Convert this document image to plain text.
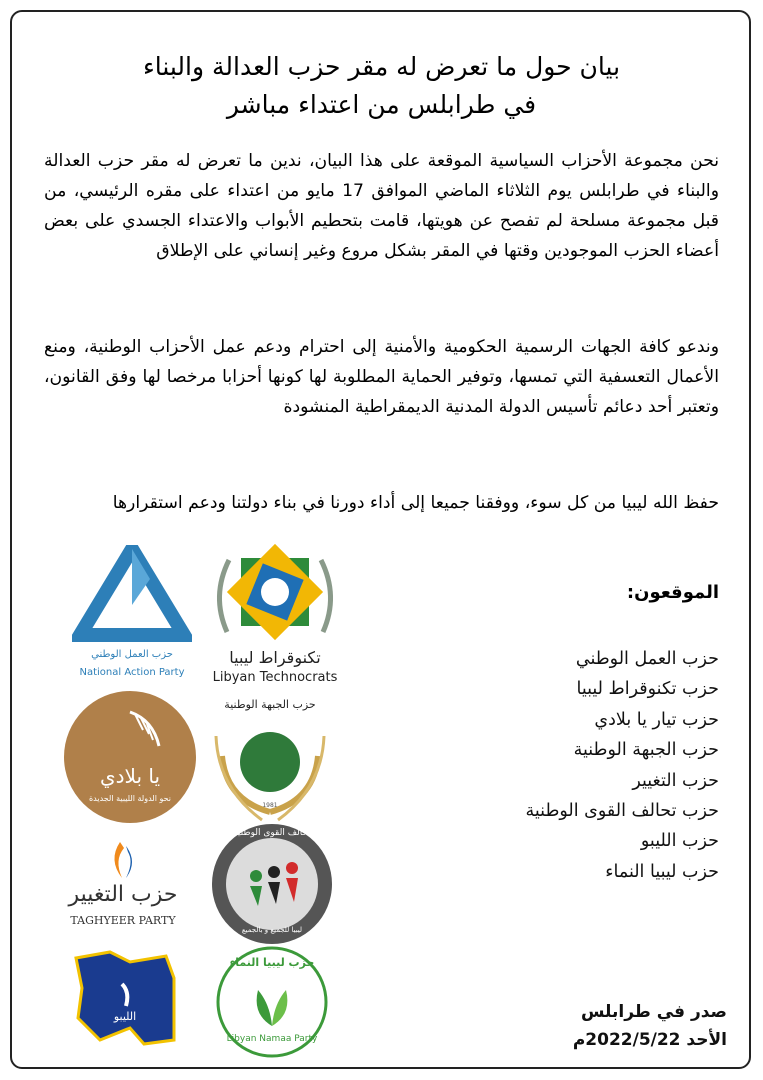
بيان حول ما تعرض له مقر حزب العدالة والبناء
في طرابلس من اعتداء مباشر
نحن مجموعة الأحزاب السياسية الموقعة على هذا البيان، ندين ما تعرض له مقر حزب العدالة والبناء في طرابلس يوم الثلاثاء الماضي الموافق 17 مايو من اعتداء على مقره الرئيسي، من قبل مجموعة مسلحة لم تفصح عن هويتها، قامت بتحطيم الأبواب والاعتداء الجسدي على بعض أعضاء الحزب الموجودين وقتها في المقر بشكل مروع وغير إنساني على الإطلاق
وندعو كافة الجهات الرسمية الحكومية والأمنية إلى احترام ودعم عمل الأحزاب الوطنية، ومنع الأعمال التعسفية التي تمسها، وتوفير الحماية المطلوبة لها كونها أحزابا مرخصا لها وفق القانون، وتعتبر أحد دعائم تأسيس الدولة المدنية الديمقراطية المنشودة
حفظ الله ليبيا من كل سوء، ووفقنا جميعا إلى أداء دورنا في بناء دولتنا ودعم استقرارها
الموقعون:
حزب العمل الوطني
حزب تكنوقراط ليبيا
حزب تيار يا بلادي
حزب الجبهة الوطنية
حزب التغيير
حزب تحالف القوى الوطنية
حزب الليبو
حزب ليبيا النماء
صدر في طرابلس
الأحد 2022/5/22م
حزب العمل الوطني
National Action Party
تكنوقراط ليبيا
Libyan Technocrats
يا بلادي
نحو الدولة الليبية الجديدة
حزب الجبهة الوطنية
1981
حزب التغيير
TAGHYEER PARTY
تحالف القوى الوطنية
ليبيا للجميع و بالجميع
الليبو
حزب ليبيا النماء
Libyan Namaa Party
